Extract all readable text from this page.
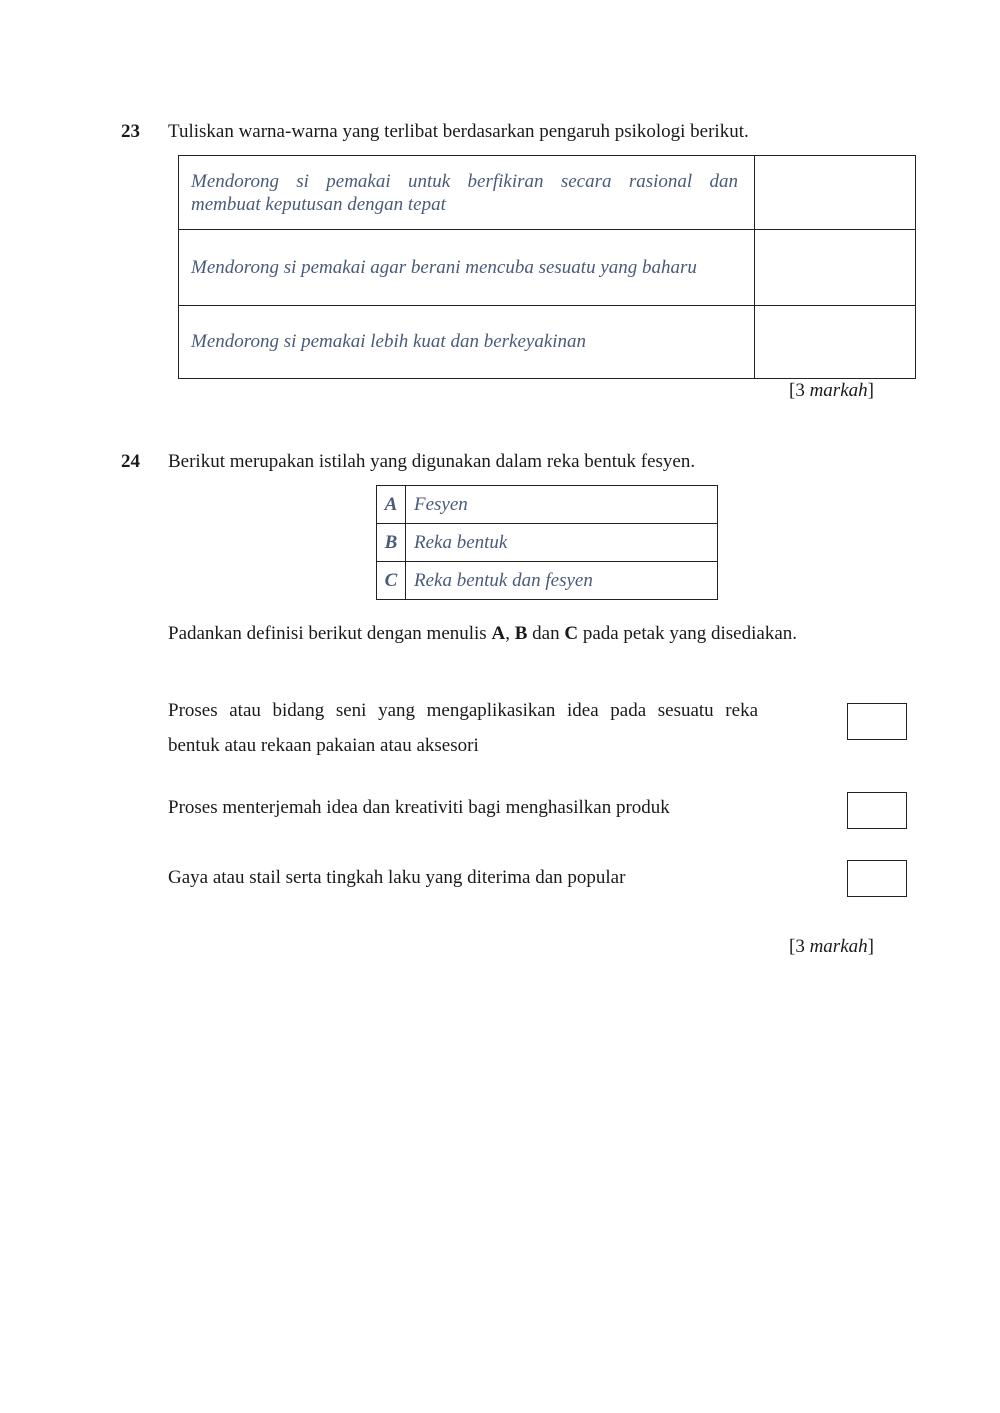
23 Tuliskan warna-warna yang terlibat berdasarkan pengaruh psikologi berikut.
Mendorong si pemakai untuk berfikiran secara rasional dan
membuat keputusan dengan tepat	

Mendorong si pemakai agar berani mencuba sesuatu yang baharu	
Mendorong si pemakai lebih kuat dan berkeyakinan	
[3 markah]
24 Berikut merupakan istilah yang digunakan dalam reka bentuk fesyen.
A	Fesyen
B	Reka bentuk
C	Reka bentuk dan fesyen
Padankan definisi berikut dengan menulis A, B dan C pada petak yang disediakan.
Proses atau bidang seni yang mengaplikasikan idea pada sesuatu reka
bentuk atau rekaan pakaian atau aksesori
Proses menterjemah idea dan kreativiti bagi menghasilkan produk
Gaya atau stail serta tingkah laku yang diterima dan popular
[3 markah]
